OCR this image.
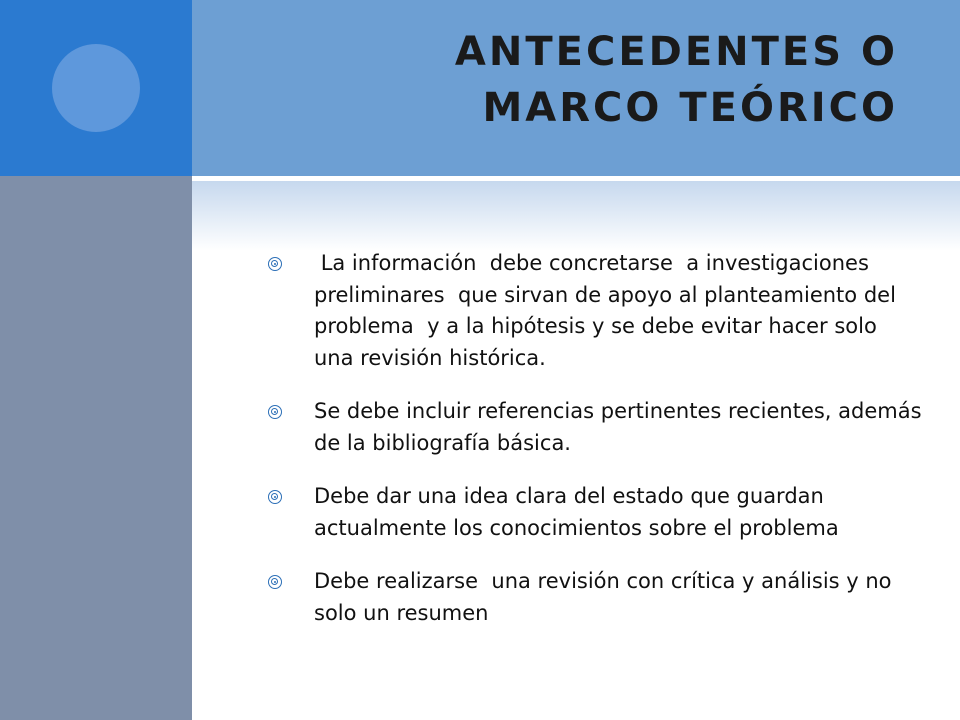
ANTECEDENTES O
MARCO TEÓRICO
La información  debe concretarse  a investigaciones preliminares  que sirvan de apoyo al planteamiento del problema  y a la hipótesis y se debe evitar hacer solo una revisión histórica.
Se debe incluir referencias pertinentes recientes, además de la bibliografía básica.
Debe dar una idea clara del estado que guardan actualmente los conocimientos sobre el problema
Debe realizarse  una revisión con crítica y análisis y no solo un resumen
